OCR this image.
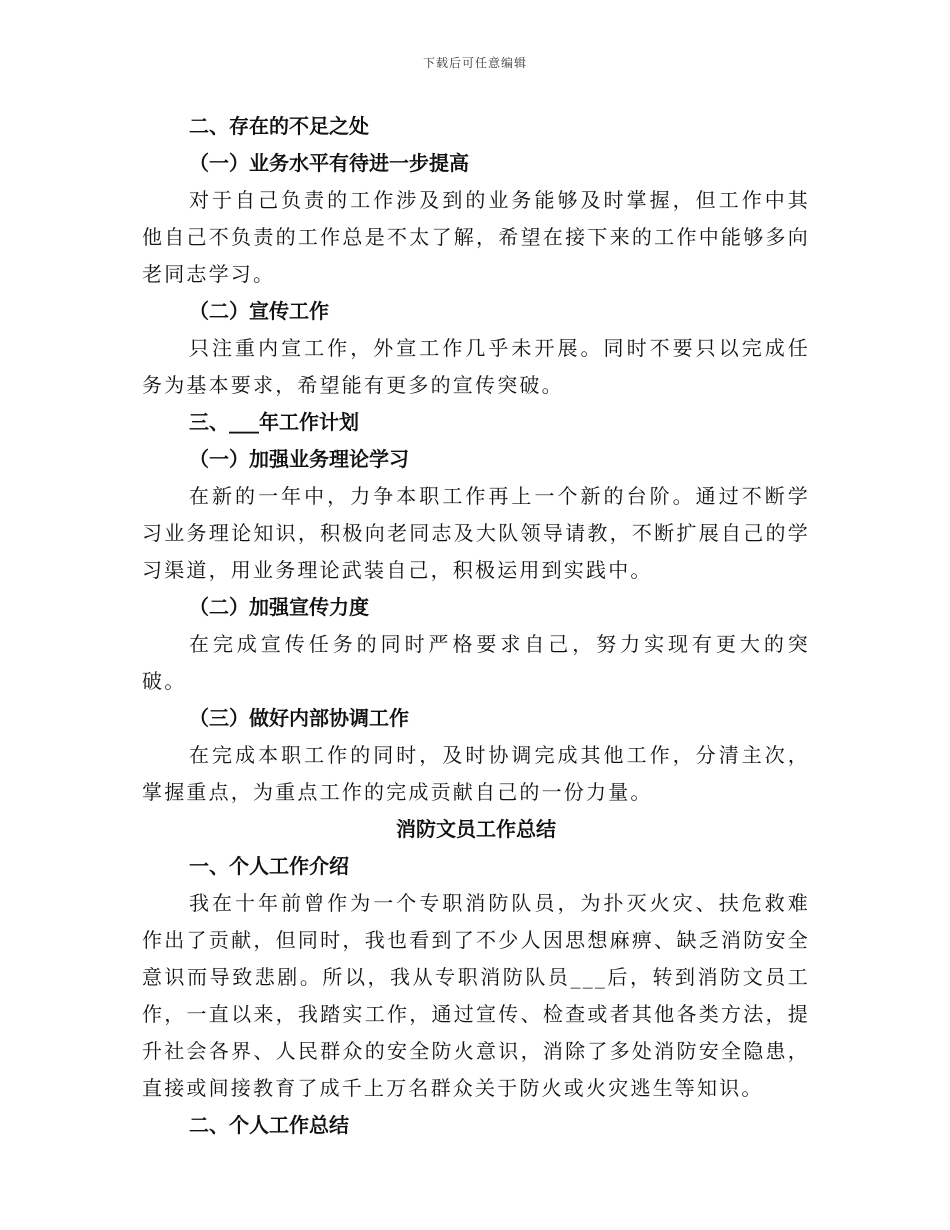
下载后可任意编辑

二、存在的不足之处

（一）业务水平有待进一步提高

对于自己负责的工作涉及到的业务能够及时掌握，但工作中其他自己不负责的工作总是不太了解，希望在接下来的工作中能够多向老同志学习。

（二）宣传工作

只注重内宣工作，外宣工作几乎未开展。同时不要只以完成任务为基本要求，希望能有更多的宣传突破。

三、___年工作计划

（一）加强业务理论学习

在新的一年中，力争本职工作再上一个新的台阶。通过不断学习业务理论知识，积极向老同志及大队领导请教，不断扩展自己的学习渠道，用业务理论武装自己，积极运用到实践中。

（二）加强宣传力度

在完成宣传任务的同时严格要求自己，努力实现有更大的突破。

（三）做好内部协调工作

在完成本职工作的同时，及时协调完成其他工作，分清主次，掌握重点，为重点工作的完成贡献自己的一份力量。

消防文员工作总结

一、个人工作介绍

我在十年前曾作为一个专职消防队员，为扑灭火灾、扶危救难作出了贡献，但同时，我也看到了不少人因思想麻痹、缺乏消防安全意识而导致悲剧。所以，我从专职消防队员___后，转到消防文员工作，一直以来，我踏实工作，通过宣传、检查或者其他各类方法，提升社会各界、人民群众的安全防火意识，消除了多处消防安全隐患，直接或间接教育了成千上万名群众关于防火或火灾逃生等知识。

二、个人工作总结
